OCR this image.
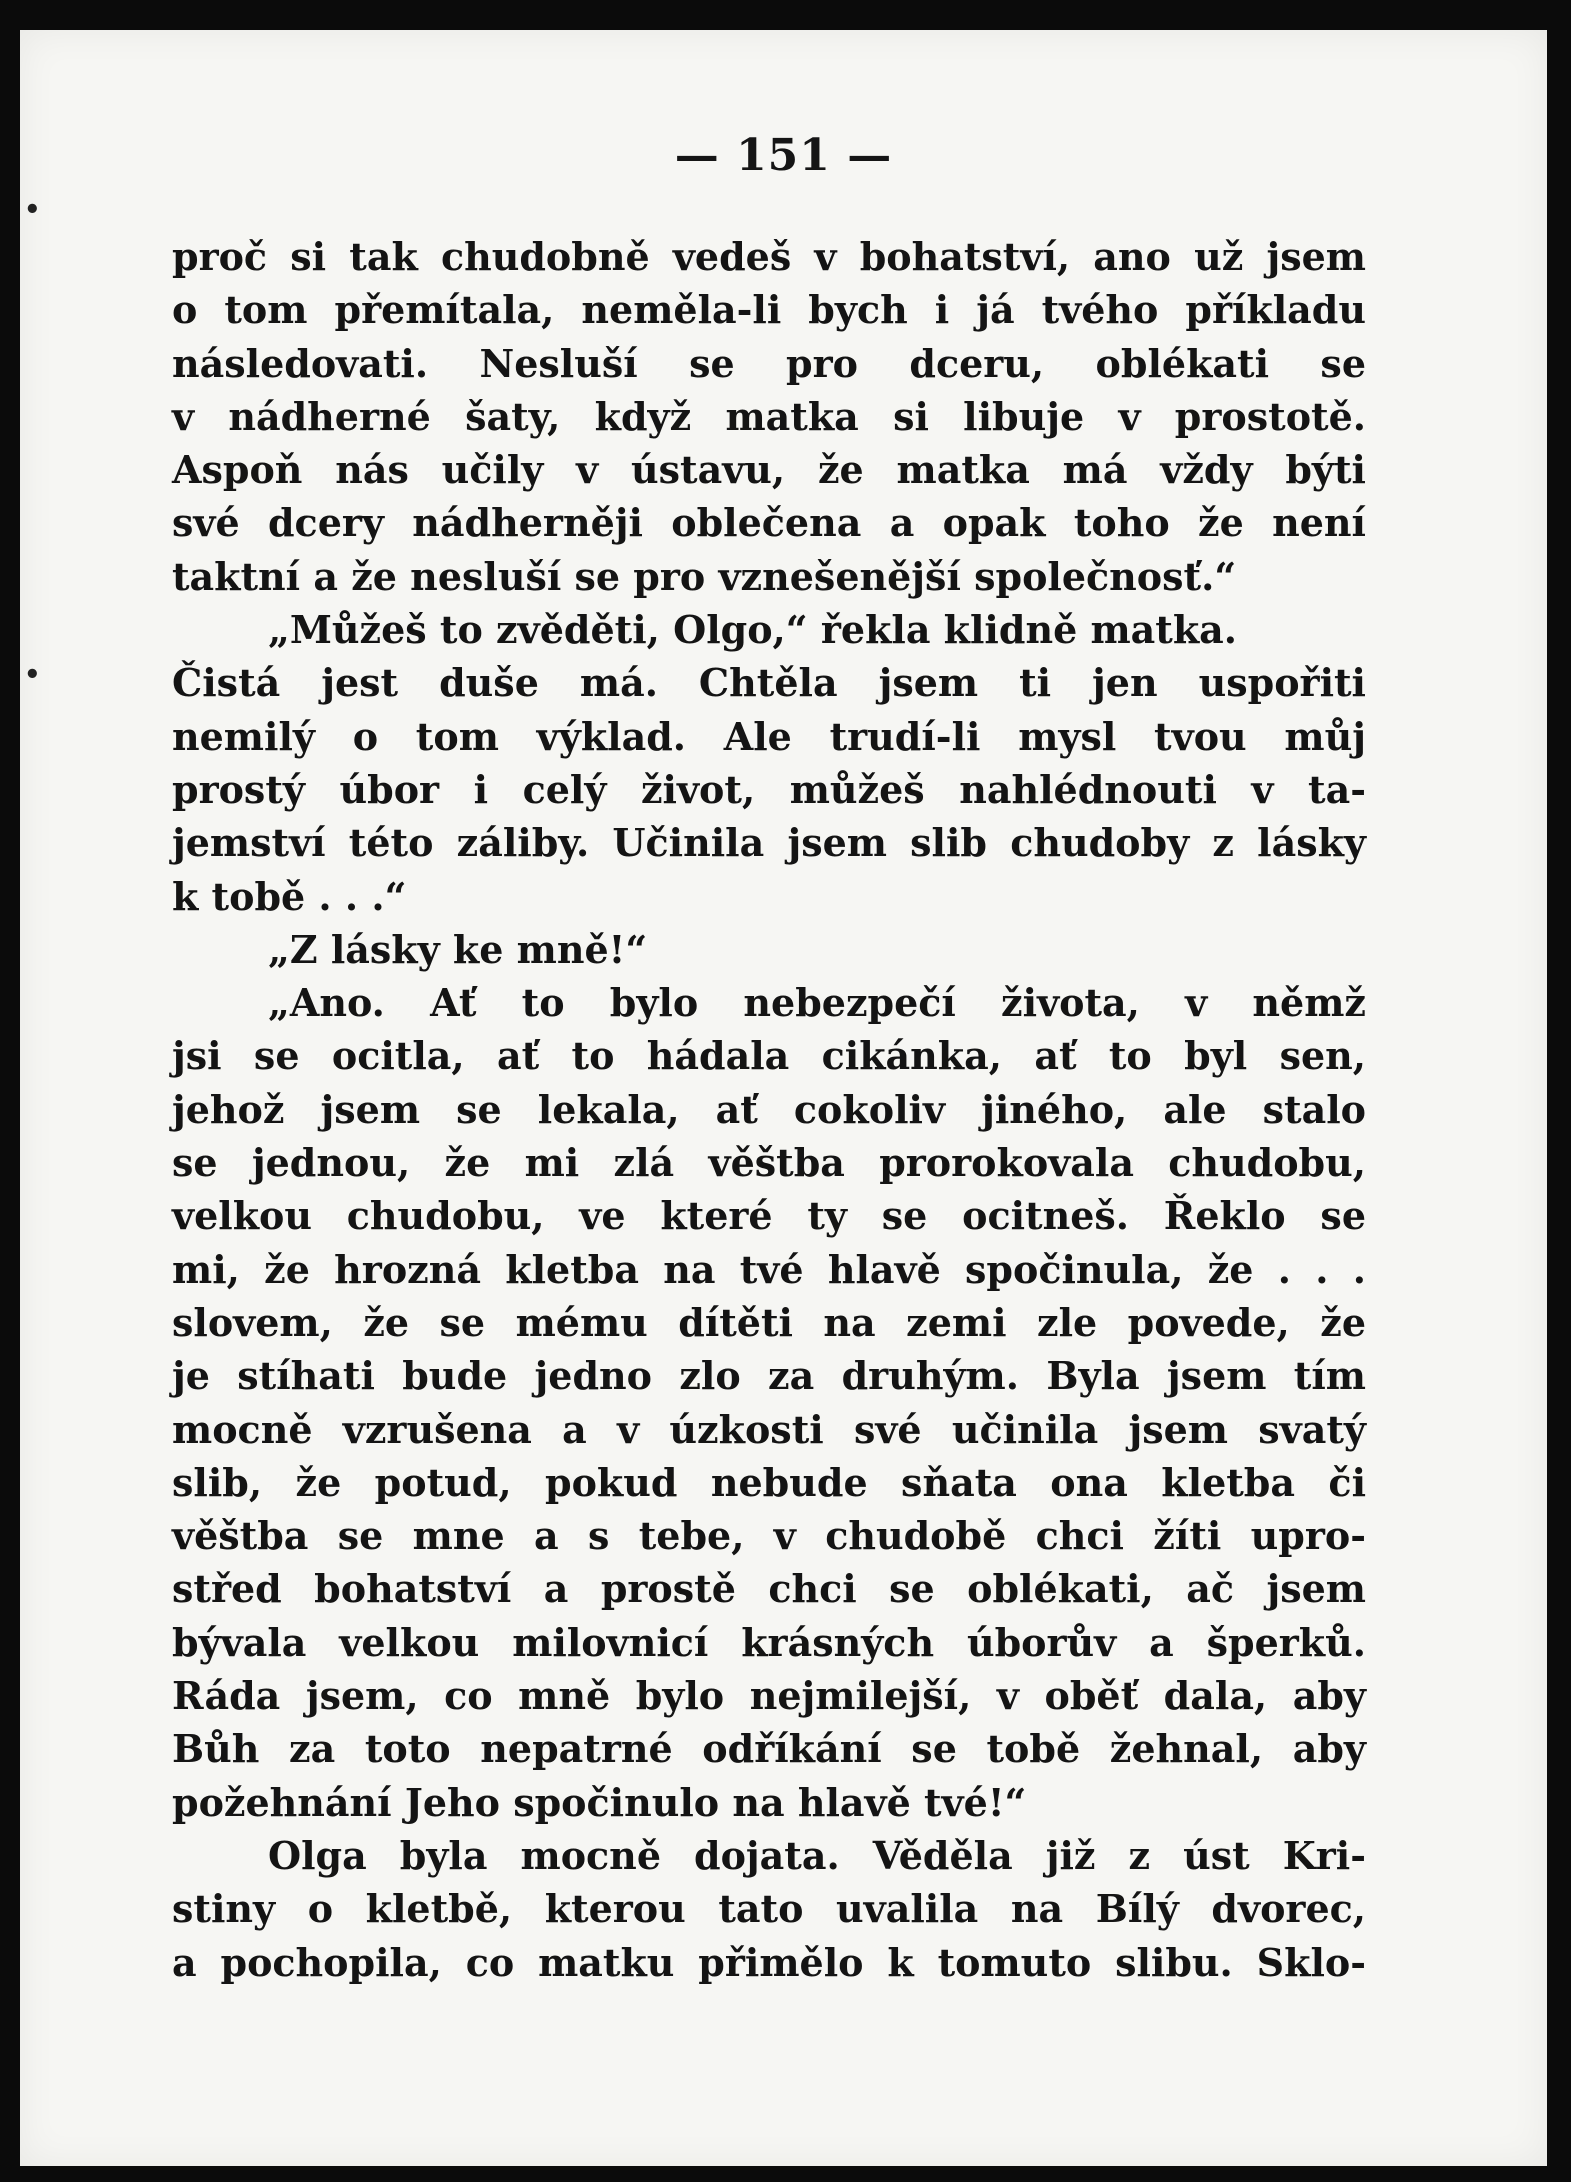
•
•
— 151 —
proč si tak chudobně vedeš v bohatství, ano už jsem
o tom přemítala, neměla-li bych i já tvého příkladu
následovati. Nesluší se pro dceru, oblékati se
v nádherné šaty, když matka si libuje v prostotě.
Aspoň nás učily v ústavu, že matka má vždy býti
své dcery nádherněji oblečena a opak toho že není
taktní a že nesluší se pro vznešenější společnosť.“
„Můžeš to zvěděti, Olgo,“ řekla klidně matka.
Čistá jest duše má. Chtěla jsem ti jen uspořiti
nemilý o tom výklad. Ale trudí-li mysl tvou můj
prostý úbor i celý život, můžeš nahlédnouti v ta-
jemství této záliby. Učinila jsem slib chudoby z lásky
k tobě . . .“
„Z lásky ke mně!“
„Ano. Ať to bylo nebezpečí života, v němž
jsi se ocitla, ať to hádala cikánka, ať to byl sen,
jehož jsem se lekala, ať cokoliv jiného, ale stalo
se jednou, že mi zlá věštba prorokovala chudobu,
velkou chudobu, ve které ty se ocitneš. Řeklo se
mi, že hrozná kletba na tvé hlavě spočinula, že . . .
slovem, že se mému dítěti na zemi zle povede, že
je stíhati bude jedno zlo za druhým. Byla jsem tím
mocně vzrušena a v úzkosti své učinila jsem svatý
slib, že potud, pokud nebude sňata ona kletba či
věštba se mne a s tebe, v chudobě chci žíti upro-
střed bohatství a prostě chci se oblékati, ač jsem
bývala velkou milovnicí krásných úborův a šperků.
Ráda jsem, co mně bylo nejmilejší, v oběť dala, aby
Bůh za toto nepatrné odříkání se tobě žehnal, aby
požehnání Jeho spočinulo na hlavě tvé!“
Olga byla mocně dojata. Věděla již z úst Kri-
stiny o kletbě, kterou tato uvalila na Bílý dvorec,
a pochopila, co matku přimělo k tomuto slibu. Sklo-
